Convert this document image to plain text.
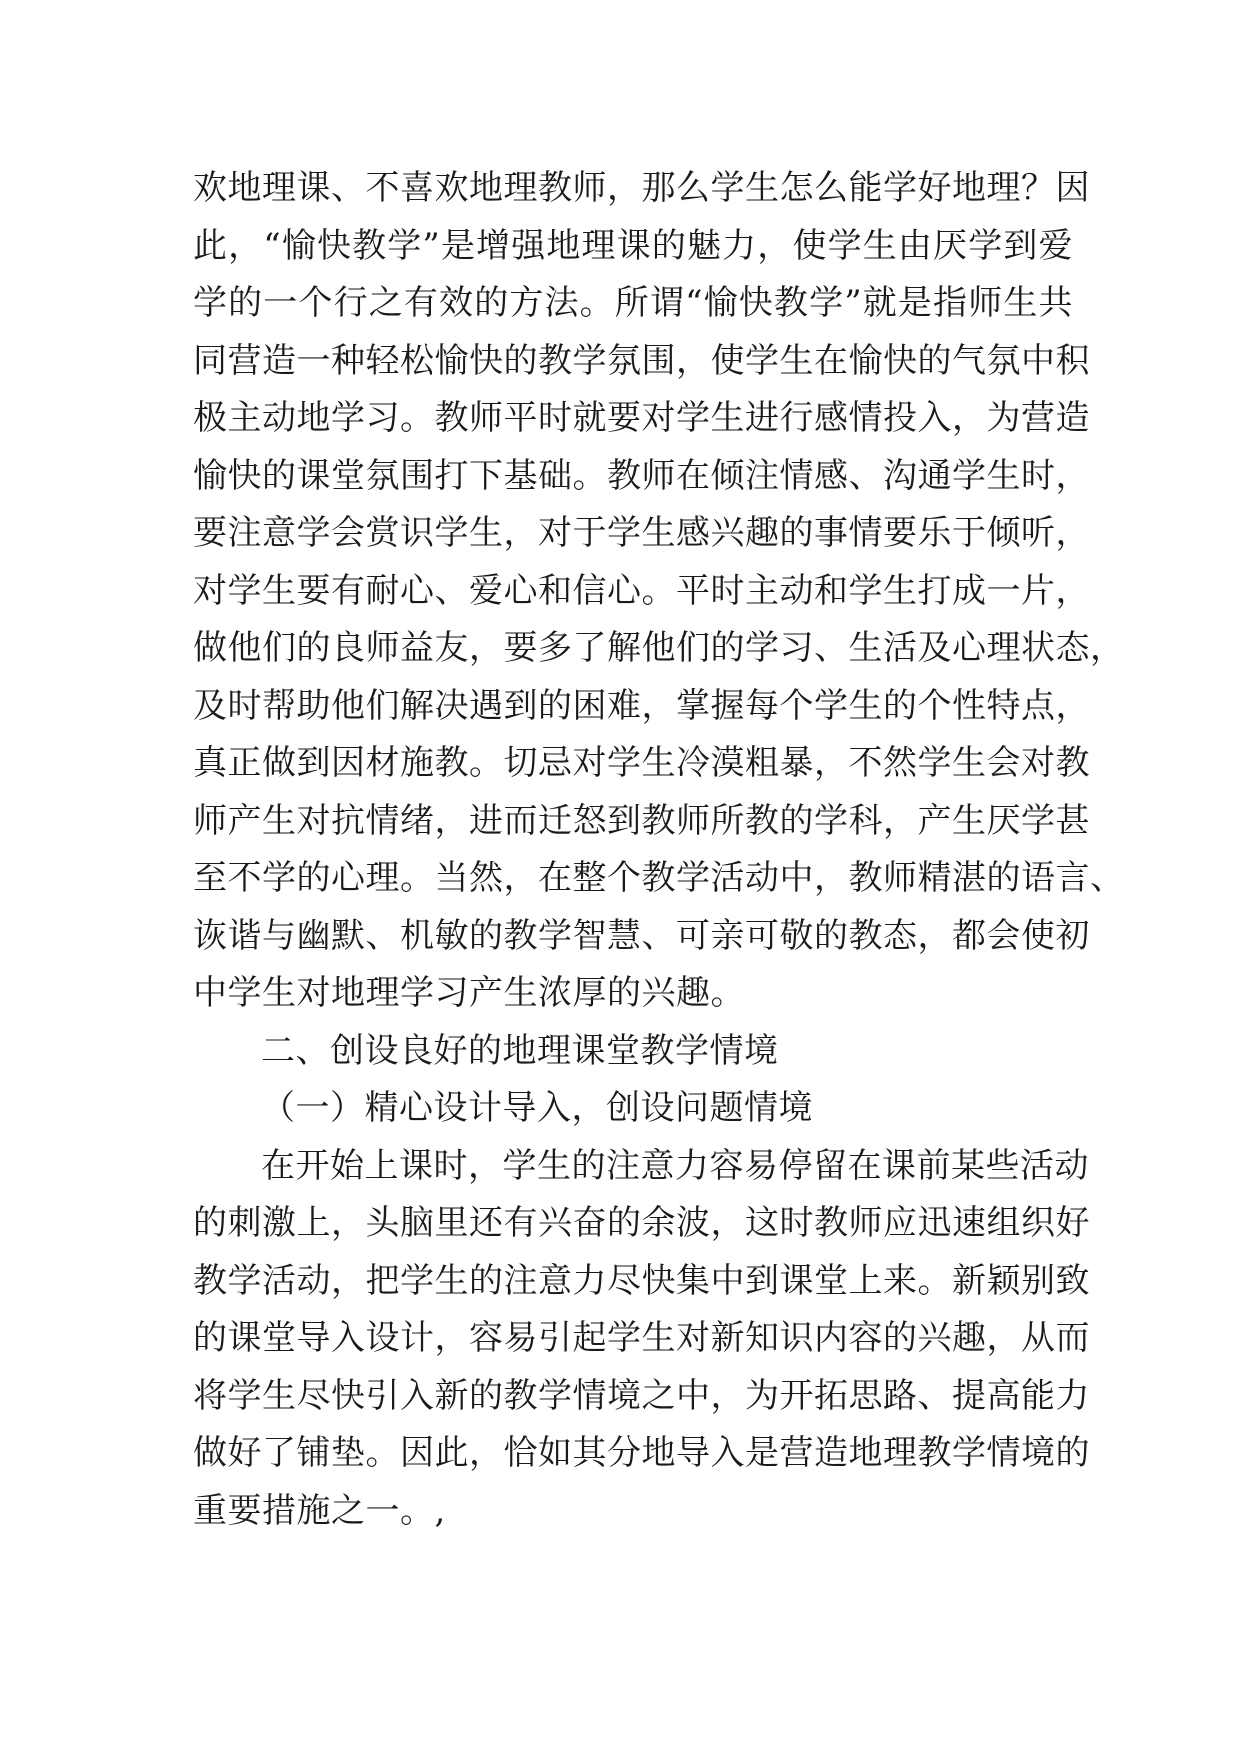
欢地理课、不喜欢地理教师，那么学生怎么能学好地理？因
此，“愉快教学”是增强地理课的魅力，使学生由厌学到爱
学的一个行之有效的方法。所谓“愉快教学”就是指师生共
同营造一种轻松愉快的教学氛围，使学生在愉快的气氛中积
极主动地学习。教师平时就要对学生进行感情投入，为营造
愉快的课堂氛围打下基础。教师在倾注情感、沟通学生时，
要注意学会赏识学生，对于学生感兴趣的事情要乐于倾听，
对学生要有耐心、爱心和信心。平时主动和学生打成一片，
做他们的良师益友，要多了解他们的学习、生活及心理状态，
及时帮助他们解决遇到的困难，掌握每个学生的个性特点，
真正做到因材施教。切忌对学生冷漠粗暴，不然学生会对教
师产生对抗情绪，进而迁怒到教师所教的学科，产生厌学甚
至不学的心理。当然，在整个教学活动中，教师精湛的语言、
诙谐与幽默、机敏的教学智慧、可亲可敬的教态，都会使初
中学生对地理学习产生浓厚的兴趣。
二、创设良好的地理课堂教学情境
（一）精心设计导入，创设问题情境
在开始上课时，学生的注意力容易停留在课前某些活动
的刺激上，头脑里还有兴奋的余波，这时教师应迅速组织好
教学活动，把学生的注意力尽快集中到课堂上来。新颖别致
的课堂导入设计，容易引起学生对新知识内容的兴趣，从而
将学生尽快引入新的教学情境之中，为开拓思路、提高能力
做好了铺垫。因此，恰如其分地导入是营造地理教学情境的
重要措施之一。,
